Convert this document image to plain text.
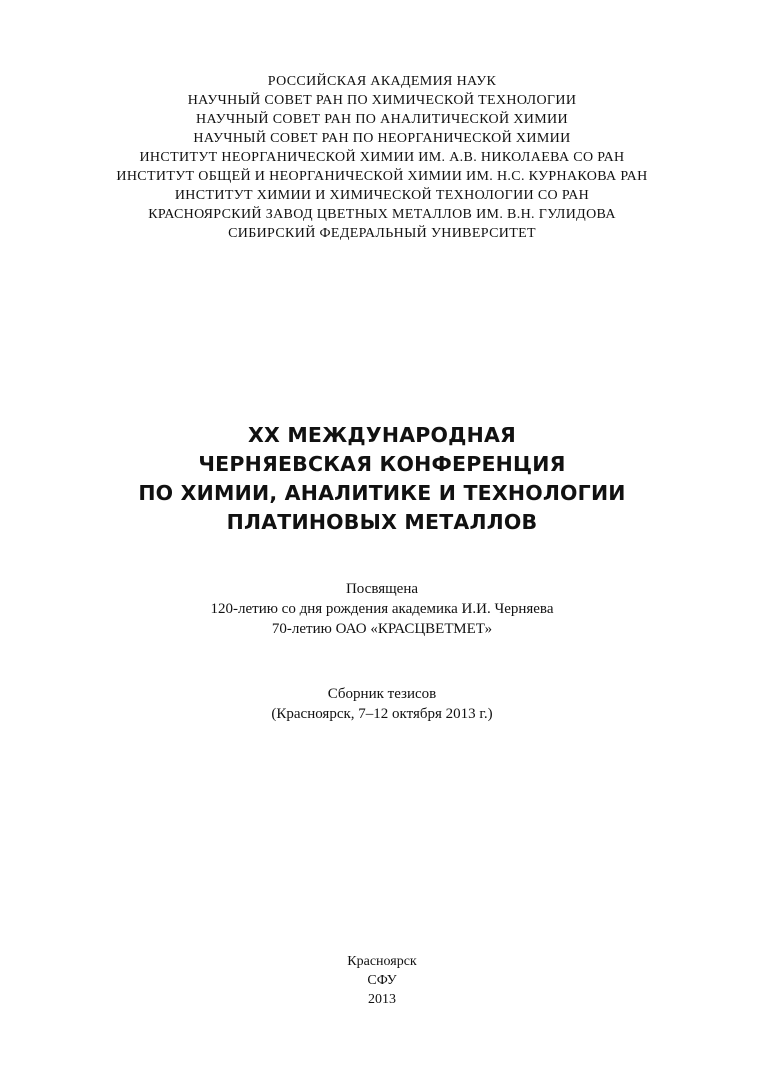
РОССИЙСКАЯ АКАДЕМИЯ НАУК
НАУЧНЫЙ СОВЕТ РАН ПО ХИМИЧЕСКОЙ ТЕХНОЛОГИИ
НАУЧНЫЙ СОВЕТ РАН ПО АНАЛИТИЧЕСКОЙ ХИМИИ
НАУЧНЫЙ СОВЕТ РАН ПО НЕОРГАНИЧЕСКОЙ ХИМИИ
ИНСТИТУТ НЕОРГАНИЧЕСКОЙ ХИМИИ ИМ. А.В. НИКОЛАЕВА СО РАН
ИНСТИТУТ ОБЩЕЙ И НЕОРГАНИЧЕСКОЙ ХИМИИ ИМ. Н.С. КУРНАКОВА РАН
ИНСТИТУТ ХИМИИ И ХИМИЧЕСКОЙ ТЕХНОЛОГИИ СО РАН
КРАСНОЯРСКИЙ ЗАВОД ЦВЕТНЫХ МЕТАЛЛОВ ИМ. В.Н. ГУЛИДОВА
СИБИРСКИЙ ФЕДЕРАЛЬНЫЙ УНИВЕРСИТЕТ
XX МЕЖДУНАРОДНАЯ
ЧЕРНЯЕВСКАЯ КОНФЕРЕНЦИЯ
ПО ХИМИИ, АНАЛИТИКЕ И ТЕХНОЛОГИИ
ПЛАТИНОВЫХ МЕТАЛЛОВ
Посвящена
120-летию со дня рождения академика И.И. Черняева
70-летию ОАО «КРАСЦВЕТМЕТ»
Сборник тезисов
(Красноярск, 7–12 октября 2013 г.)
Красноярск
СФУ
2013
